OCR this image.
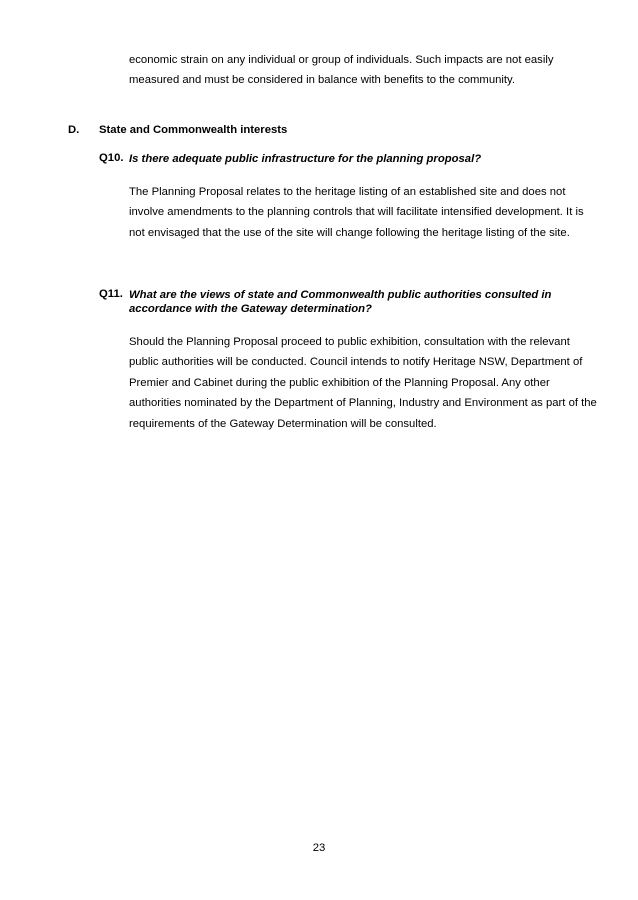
economic strain on any individual or group of individuals. Such impacts are not easily measured and must be considered in balance with benefits to the community.

D. State and Commonwealth interests

Q10. Is there adequate public infrastructure for the planning proposal?

The Planning Proposal relates to the heritage listing of an established site and does not involve amendments to the planning controls that will facilitate intensified development. It is not envisaged that the use of the site will change following the heritage listing of the site.

Q11. What are the views of state and Commonwealth public authorities consulted in accordance with the Gateway determination?

Should the Planning Proposal proceed to public exhibition, consultation with the relevant public authorities will be conducted. Council intends to notify Heritage NSW, Department of Premier and Cabinet during the public exhibition of the Planning Proposal. Any other authorities nominated by the Department of Planning, Industry and Environment as part of the requirements of the Gateway Determination will be consulted.

23
